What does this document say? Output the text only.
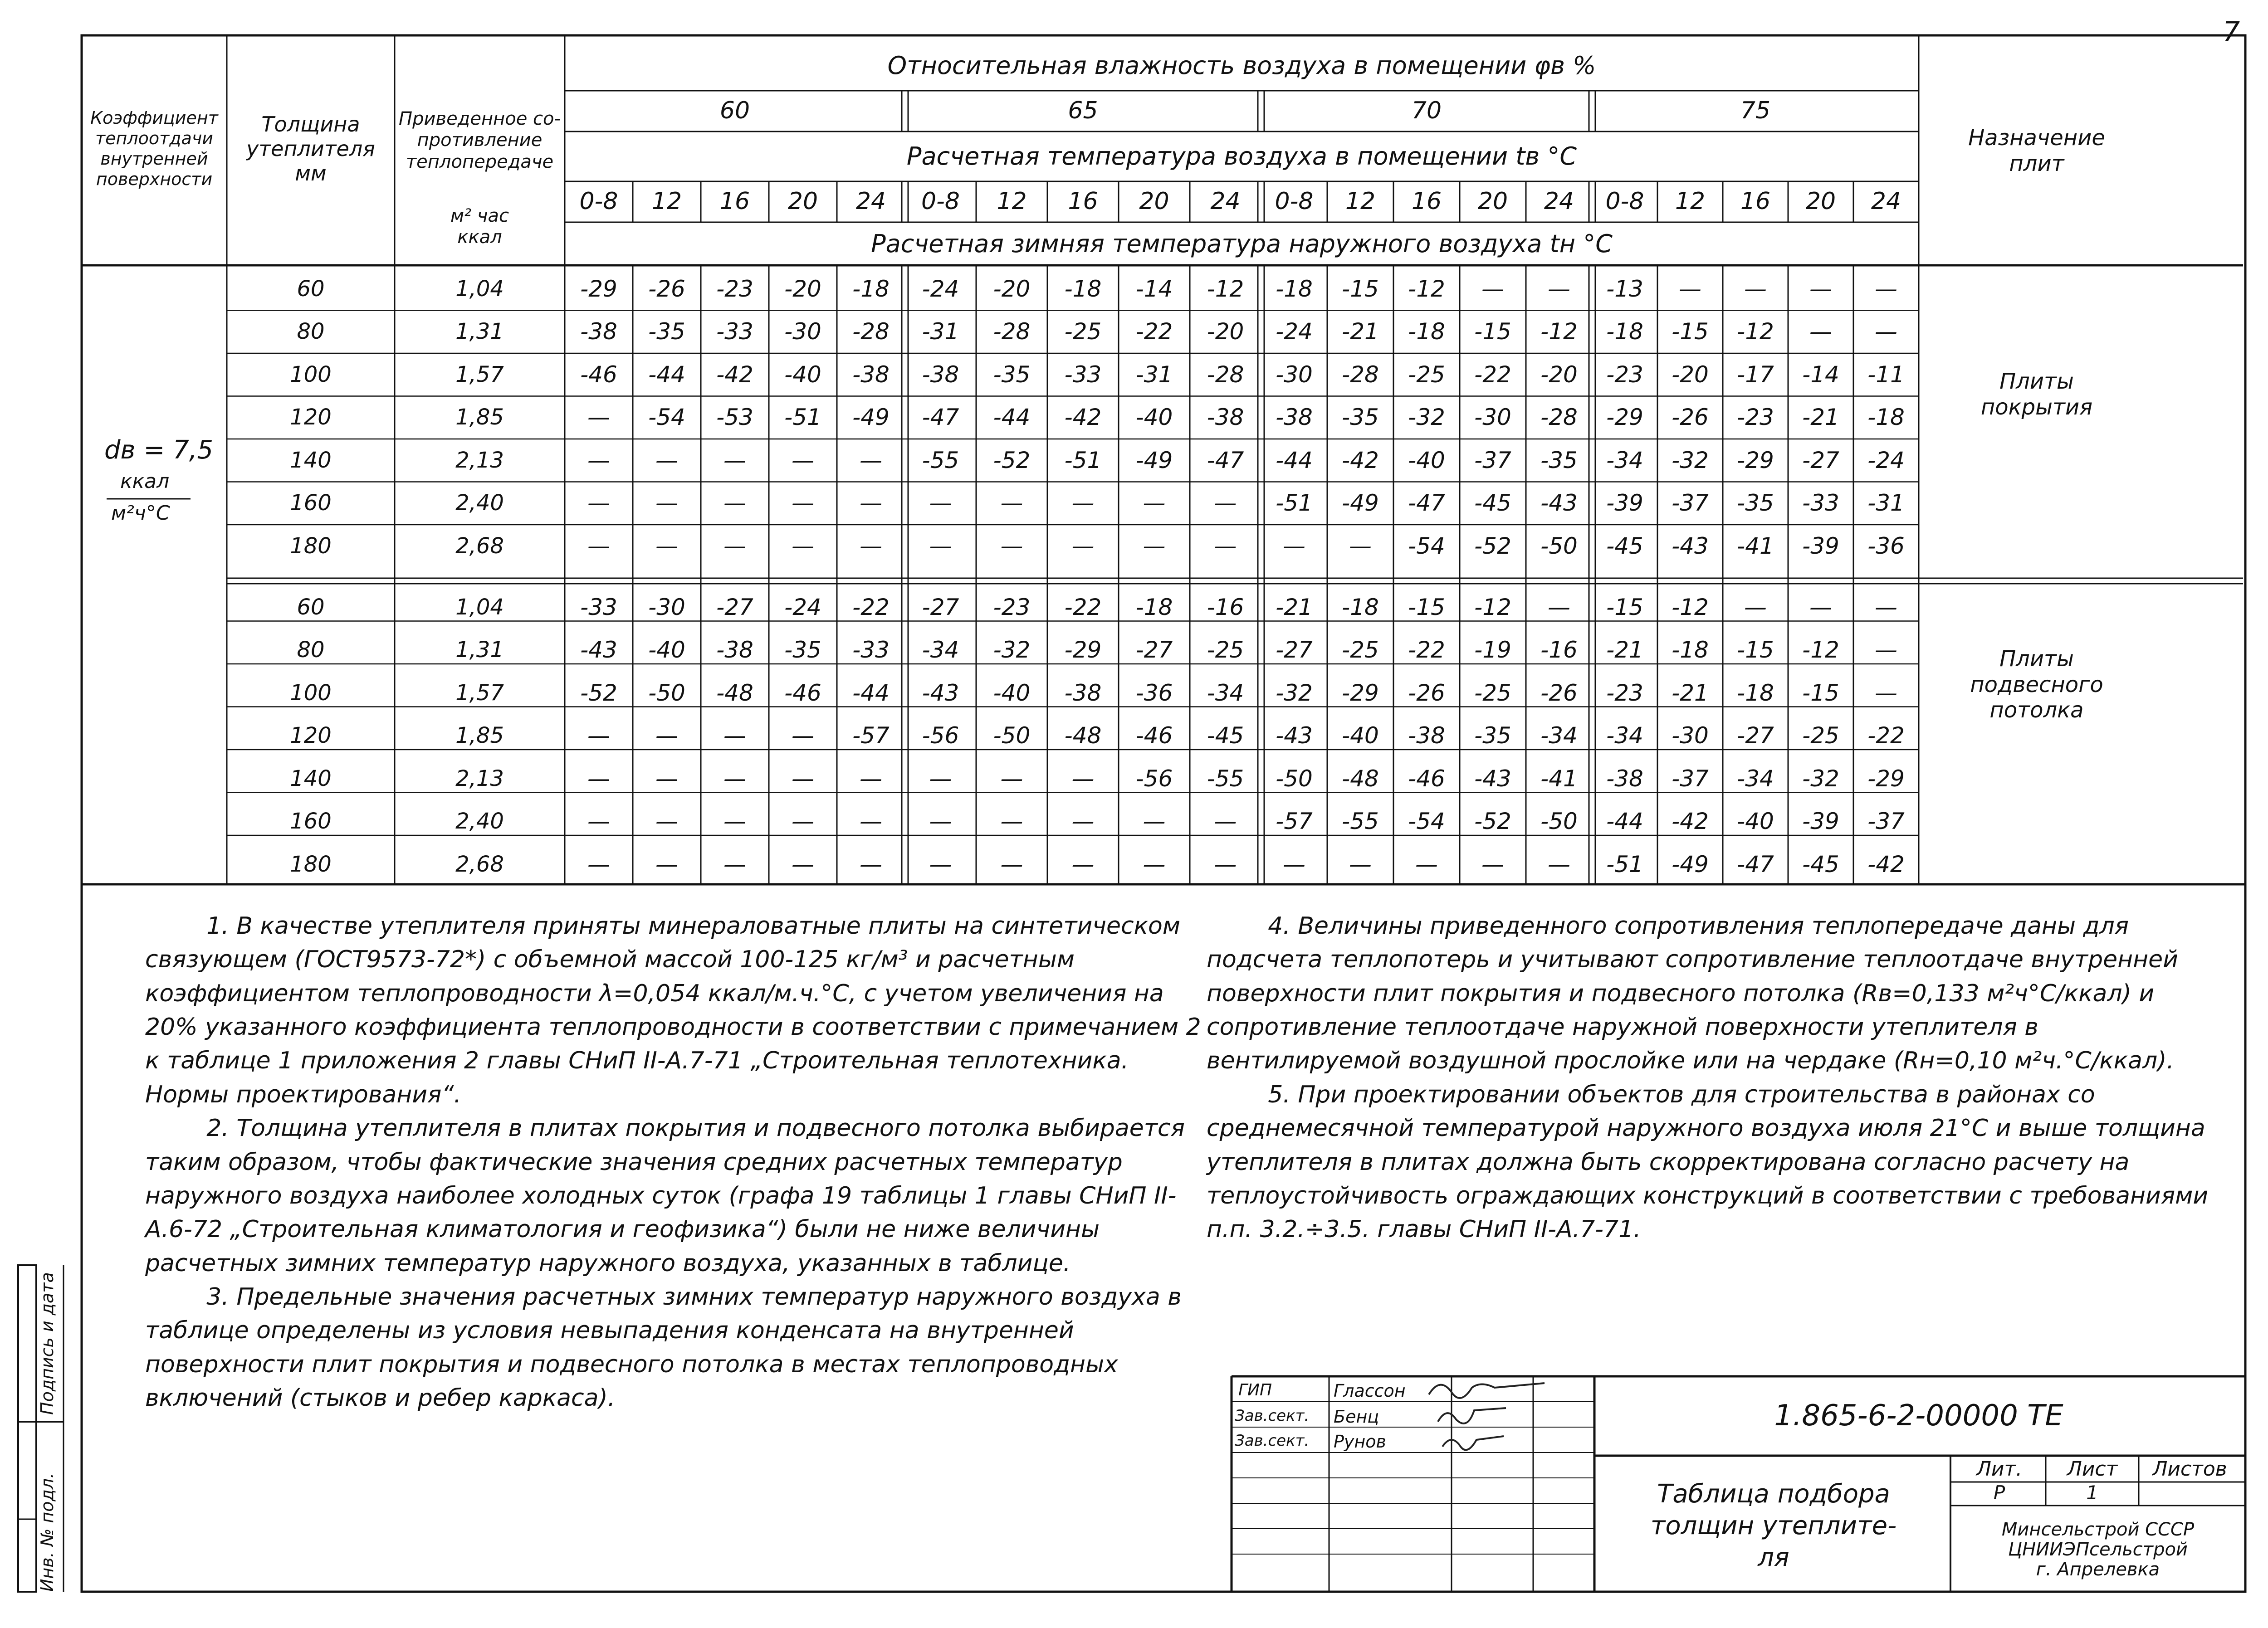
7
Коэффициент
теплоотдачи
внутренней
поверхности
Толщина
утеплителя
мм
Приведенное со-
противление
теплопередаче
м² час
ккал
Относительная влажность воздуха в помещении φв %
Расчетная температура воздуха в помещении tв °С
Расчетная зимняя температура наружного воздуха tн °С
Назначение
плит
60	65	70	75
0-8	12	16	20	24	0-8	12	16	20	24	0-8	12	16	20	24	0-8	12	16	20	24
60	1,04	-29	-26	-23	-20	-18	-24	-20	-18	-14	-12	-18	-15	-12	—	—	-13	—	—	—	—
80	1,31	-38	-35	-33	-30	-28	-31	-28	-25	-22	-20	-24	-21	-18	-15	-12	-18	-15	-12	—	—
100	1,57	-46	-44	-42	-40	-38	-38	-35	-33	-31	-28	-30	-28	-25	-22	-20	-23	-20	-17	-14	-11
120	1,85	—	-54	-53	-51	-49	-47	-44	-42	-40	-38	-38	-35	-32	-30	-28	-29	-26	-23	-21	-18
140	2,13	—	—	—	—	—	-55	-52	-51	-49	-47	-44	-42	-40	-37	-35	-34	-32	-29	-27	-24
160	2,40	—	—	—	—	—	—	—	—	—	—	-51	-49	-47	-45	-43	-39	-37	-35	-33	-31
180	2,68	—	—	—	—	—	—	—	—	—	—	—	—	-54	-52	-50	-45	-43	-41	-39	-36
60	1,04	-33	-30	-27	-24	-22	-27	-23	-22	-18	-16	-21	-18	-15	-12	—	-15	-12	—	—	—
80	1,31	-43	-40	-38	-35	-33	-34	-32	-29	-27	-25	-27	-25	-22	-19	-16	-21	-18	-15	-12	—
100	1,57	-52	-50	-48	-46	-44	-43	-40	-38	-36	-34	-32	-29	-26	-25	-26	-23	-21	-18	-15	—
120	1,85	—	—	—	—	-57	-56	-50	-48	-46	-45	-43	-40	-38	-35	-34	-34	-30	-27	-25	-22
140	2,13	—	—	—	—	—	—	—	—	-56	-55	-50	-48	-46	-43	-41	-38	-37	-34	-32	-29
160	2,40	—	—	—	—	—	—	—	—	—	—	-57	-55	-54	-52	-50	-44	-42	-40	-39	-37
180	2,68	—	—	—	—	—	—	—	—	—	—	—	—	—	—	—	-51	-49	-47	-45	-42
dв = 7,5
ккал
м²ч°С
Плиты
покрытия
Плиты
подвесного
потолка

1. В качестве утеплителя приняты минераловатные плиты на синтетическом связующем (ГОСТ9573-72*) с объемной массой 100-125 кг/м³ и расчетным коэффициентом теплопроводности λ=0,054 ккал/м.ч.°С, с учетом увеличения на 20% указанного коэффициента теплопроводности в соответствии с примечанием 2 к таблице 1 приложения 2 главы СНиП II-А.7-71 „Строительная теплотехника. Нормы проектирования“.

2. Толщина утеплителя в плитах покрытия и подвесного потолка выбирается таким образом, чтобы фактические значения средних расчетных температур наружного воздуха наиболее холодных суток (графа 19 таблицы 1 главы СНиП II-А.6-72 „Строительная климатология и геофизика“) были не ниже величины расчетных зимних температур наружного воздуха, указанных в таблице.

3. Предельные значения расчетных зимних температур наружного воздуха в таблице определены из условия невыпадения конденсата на внутренней поверхности плит покрытия и подвесного потолка в местах теплопроводных включений (стыков и ребер каркаса).

4. Величины приведенного сопротивления теплопередаче даны для подсчета теплопотерь и учитывают сопротивление теплоотдаче внутренней поверхности плит покрытия и подвесного потолка (Rв=0,133 м²ч°С/ккал) и сопротивление теплоотдаче наружной поверхности утеплителя в вентилируемой воздушной прослойке или на чердаке (Rн=0,10 м²ч.°С/ккал).

5. При проектировании объектов для строительства в районах со среднемесячной температурой наружного воздуха июля 21°С и выше толщина утеплителя в плитах должна быть скорректирована согласно расчету на теплоустойчивость ограждающих конструкций в соответствии с требованиями п.п. 3.2.÷3.5. главы СНиП II-А.7-71.

Подпись и дата
Инв. № подл.
ГИП
Зав.сект.
Зав.сект.
Глассон
Бенц
Рунов
1.865-6-2-00000 ТЕ
Таблица подбора
толщин утеплите-
ля
Лит.	Лист	Листов
Р	1
Минсельстрой СССР
ЦНИИЭПсельстрой
г. Апрелевка
